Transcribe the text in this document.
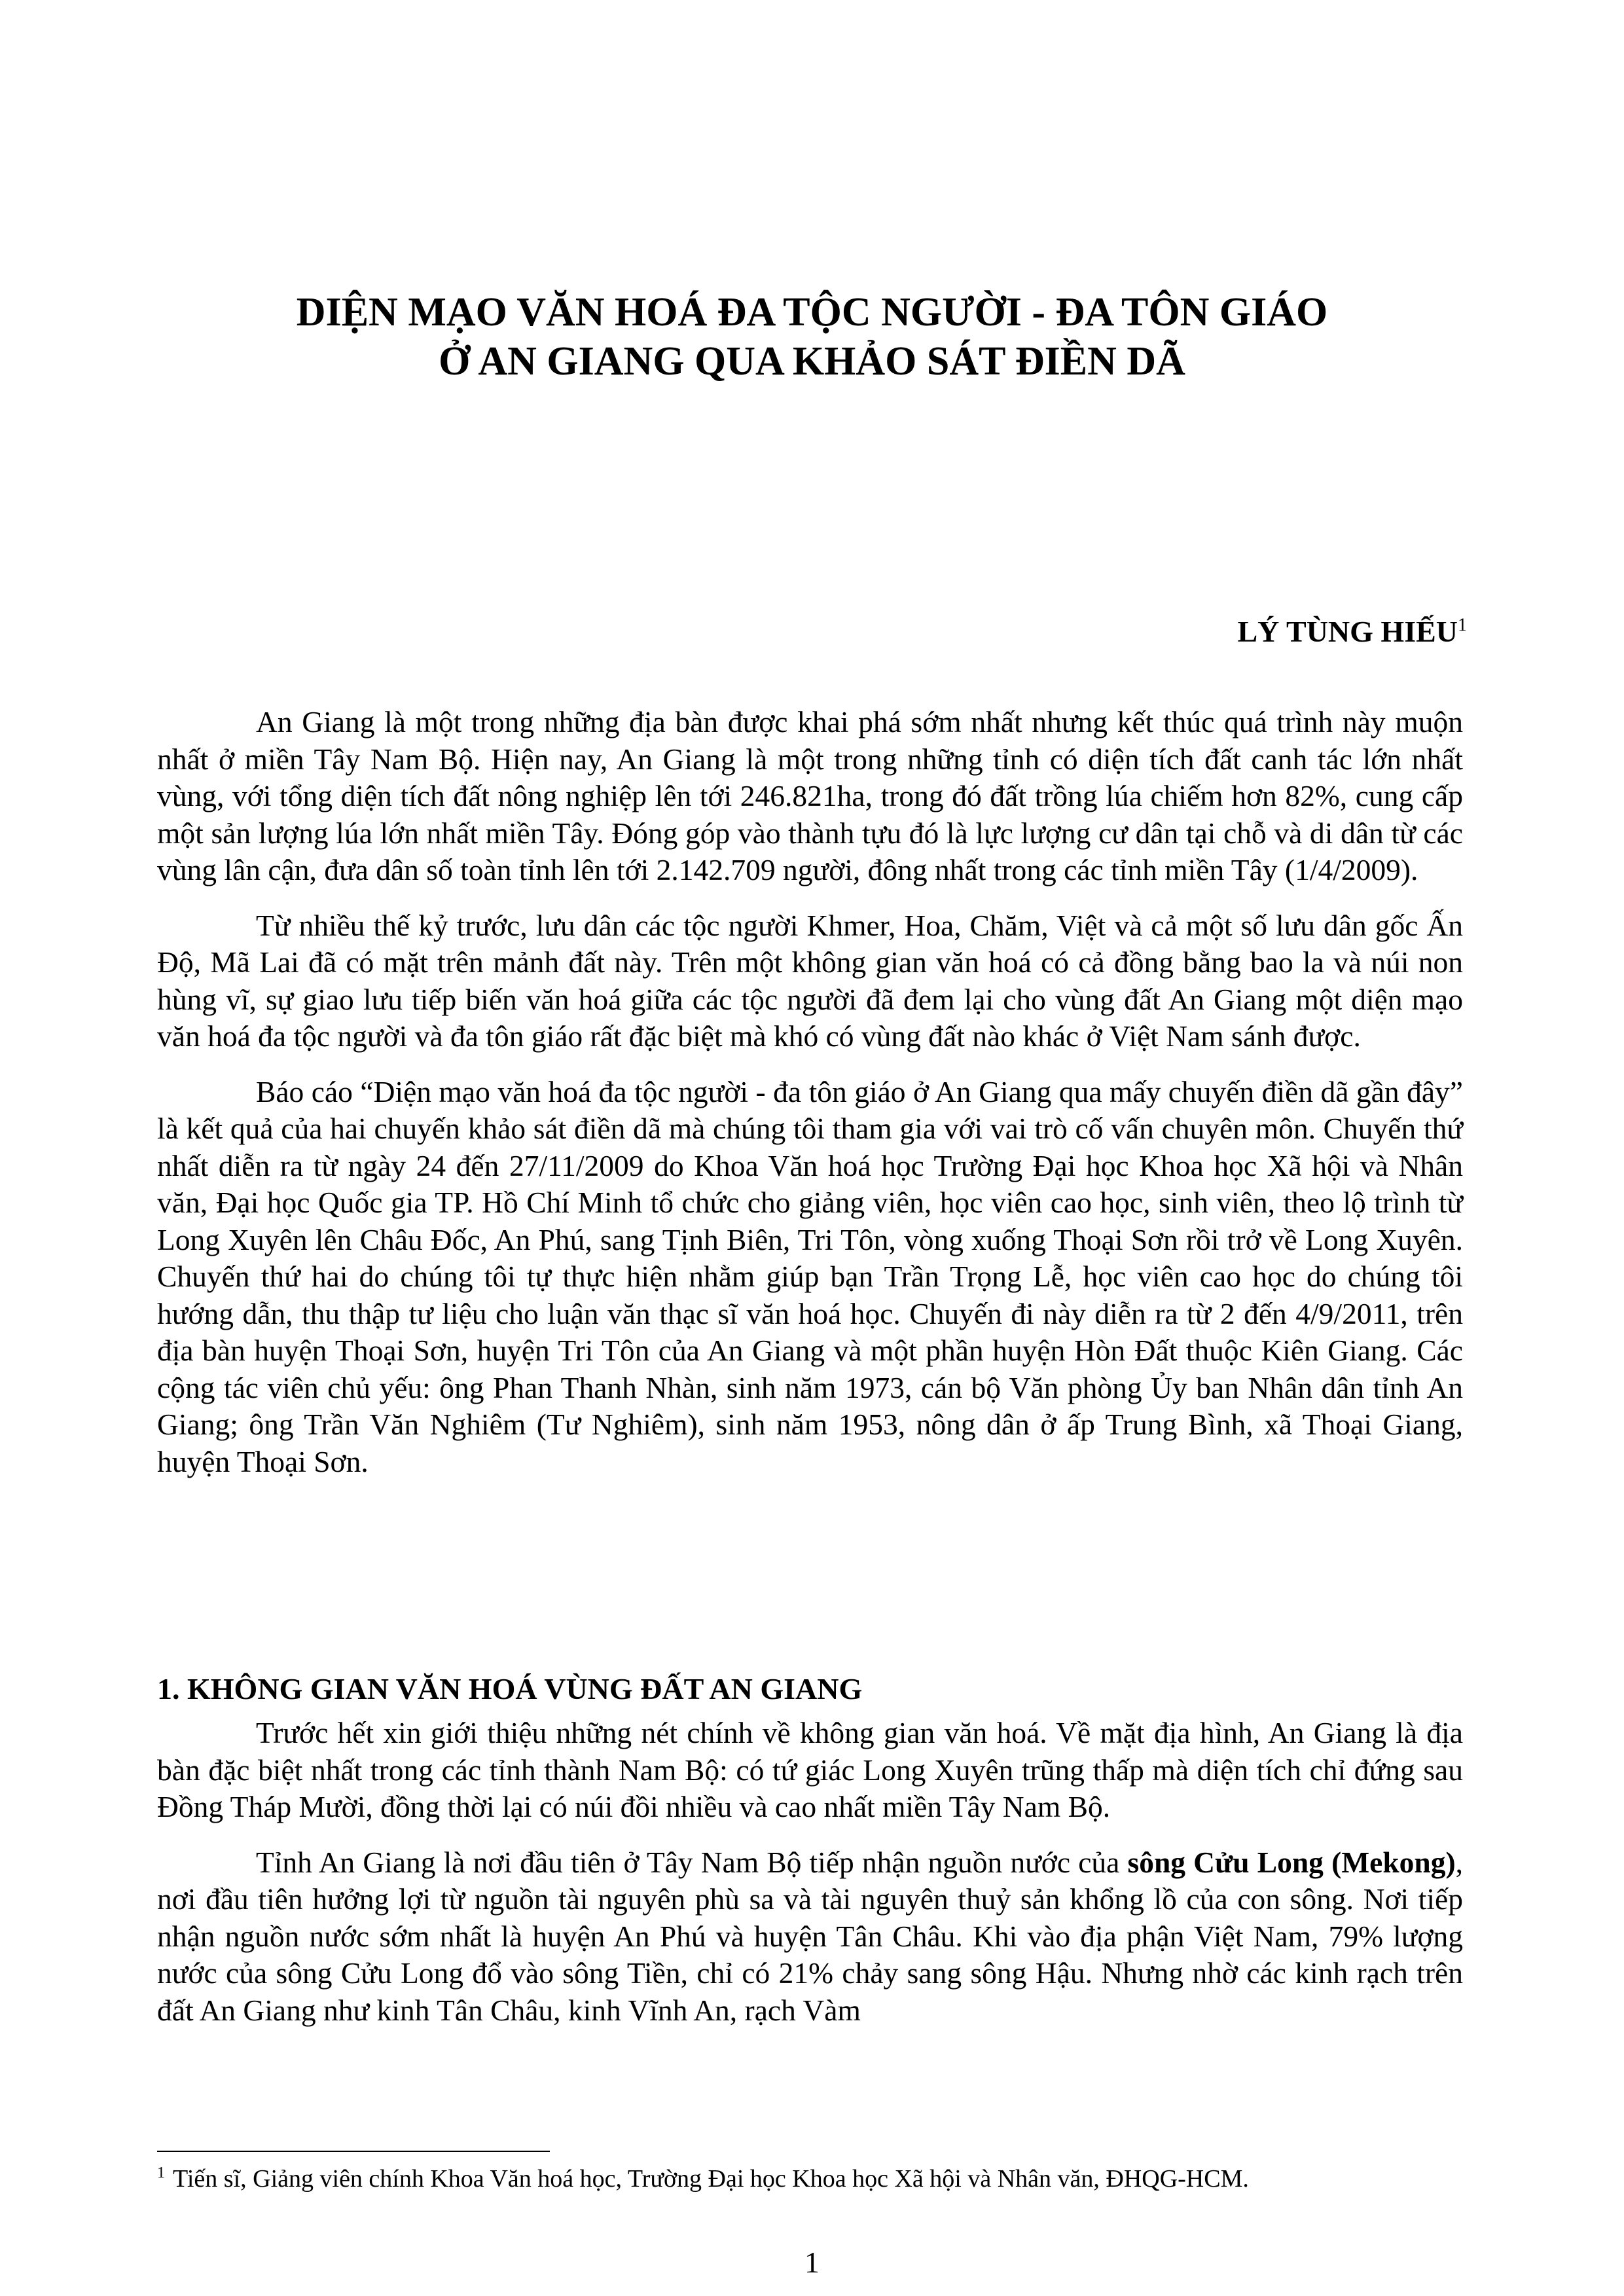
DIỆN MẠO VĂN HOÁ ĐA TỘC NGƯỜI - ĐA TÔN GIÁO
Ở AN GIANG QUA KHẢO SÁT ĐIỀN DÃ
LÝ TÙNG HIẾU$^1$

An Giang là một trong những địa bàn được khai phá sớm nhất nhưng kết thúc quá trình này muộn nhất ở miền Tây Nam Bộ. Hiện nay, An Giang là một trong những tỉnh có diện tích đất canh tác lớn nhất vùng, với tổng diện tích đất nông nghiệp lên tới 246.821ha, trong đó đất trồng lúa chiếm hơn 82%, cung cấp một sản lượng lúa lớn nhất miền Tây. Đóng góp vào thành tựu đó là lực lượng cư dân tại chỗ và di dân từ các vùng lân cận, đưa dân số toàn tỉnh lên tới 2.142.709 người, đông nhất trong các tỉnh miền Tây (1/4/2009).

Từ nhiều thế kỷ trước, lưu dân các tộc người Khmer, Hoa, Chăm, Việt và cả một số lưu dân gốc Ấn Độ, Mã Lai đã có mặt trên mảnh đất này. Trên một không gian văn hoá có cả đồng bằng bao la và núi non hùng vĩ, sự giao lưu tiếp biến văn hoá giữa các tộc người đã đem lại cho vùng đất An Giang một diện mạo văn hoá đa tộc người và đa tôn giáo rất đặc biệt mà khó có vùng đất nào khác ở Việt Nam sánh được.

Báo cáo “Diện mạo văn hoá đa tộc người - đa tôn giáo ở An Giang qua mấy chuyến điền dã gần đây” là kết quả của hai chuyến khảo sát điền dã mà chúng tôi tham gia với vai trò cố vấn chuyên môn. Chuyến thứ nhất diễn ra từ ngày 24 đến 27/11/2009 do Khoa Văn hoá học Trường Đại học Khoa học Xã hội và Nhân văn, Đại học Quốc gia TP. Hồ Chí Minh tổ chức cho giảng viên, học viên cao học, sinh viên, theo lộ trình từ Long Xuyên lên Châu Đốc, An Phú, sang Tịnh Biên, Tri Tôn, vòng xuống Thoại Sơn rồi trở về Long Xuyên. Chuyến thứ hai do chúng tôi tự thực hiện nhằm giúp bạn Trần Trọng Lễ, học viên cao học do chúng tôi hướng dẫn, thu thập tư liệu cho luận văn thạc sĩ văn hoá học. Chuyến đi này diễn ra từ 2 đến 4/9/2011, trên địa bàn huyện Thoại Sơn, huyện Tri Tôn của An Giang và một phần huyện Hòn Đất thuộc Kiên Giang. Các cộng tác viên chủ yếu: ông Phan Thanh Nhàn, sinh năm 1973, cán bộ Văn phòng Ủy ban Nhân dân tỉnh An Giang; ông Trần Văn Nghiêm (Tư Nghiêm), sinh năm 1953, nông dân ở ấp Trung Bình, xã Thoại Giang, huyện Thoại Sơn.

1. KHÔNG GIAN VĂN HOÁ VÙNG ĐẤT AN GIANG

Trước hết xin giới thiệu những nét chính về không gian văn hoá. Về mặt địa hình, An Giang là địa bàn đặc biệt nhất trong các tỉnh thành Nam Bộ: có tứ giác Long Xuyên trũng thấp mà diện tích chỉ đứng sau Đồng Tháp Mười, đồng thời lại có núi đồi nhiều và cao nhất miền Tây Nam Bộ.

Tỉnh An Giang là nơi đầu tiên ở Tây Nam Bộ tiếp nhận nguồn nước của sông Cửu Long (Mekong), nơi đầu tiên hưởng lợi từ nguồn tài nguyên phù sa và tài nguyên thuỷ sản khổng lồ của con sông. Nơi tiếp nhận nguồn nước sớm nhất là huyện An Phú và huyện Tân Châu. Khi vào địa phận Việt Nam, 79% lượng nước của sông Cửu Long đổ vào sông Tiền, chỉ có 21% chảy sang sông Hậu. Nhưng nhờ các kinh rạch trên đất An Giang như kinh Tân Châu, kinh Vĩnh An, rạch Vàm

$^1$ Tiến sĩ, Giảng viên chính Khoa Văn hoá học, Trường Đại học Khoa học Xã hội và Nhân văn, ĐHQG-HCM.
1
